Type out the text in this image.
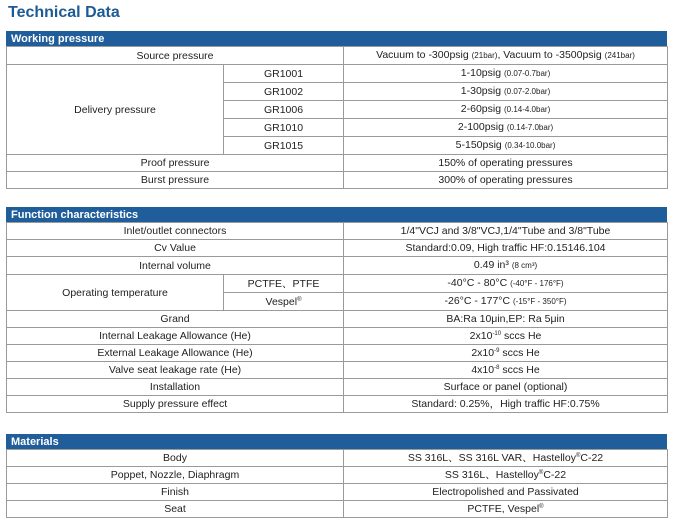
Technical Data
Working pressure
Source pressure		Vacuum to -300psig (21bar), Vacuum to -3500psig (241bar)
Delivery pressure	GR1001	1-10psig (0.07-0.7bar)
	GR1002	1-30psig (0.07-2.0bar)
	GR1006	2-60psig (0.14-4.0bar)
	GR1010	2-100psig (0.14-7.0bar)
	GR1015	5-150psig (0.34-10.0bar)
Proof pressure		150% of operating pressures
Burst pressure		300% of operating pressures
Function characteristics
Inlet/outlet connectors		1/4"VCJ and 3/8"VCJ,1/4"Tube and 3/8"Tube
Cv Value		Standard:0.09, High traffic HF:0.15146.104
Internal volume		0.49 in³ (8 cm³)
Operating temperature	PCTFE、PTFE	-40°C - 80°C (-40°F - 176°F)
	Vespel®	-26°C - 177°C (-15°F - 350°F)
Grand		BA:Ra 10μin,EP: Ra 5μin
Internal Leakage Allowance (He)		$2x10^{-10}$ sccs He
External Leakage Allowance (He)		$2x10^{-9}$ sccs He
Valve seat leakage rate (He)		$4x10^{-8}$ sccs He
Installation		Surface or panel (optional)
Supply pressure effect		Standard: 0.25%，High traffic HF:0.75%
Materials
Body	SS 316L、SS 316L VAR、Hastelloy®C-22
Poppet, Nozzle, Diaphragm	SS 316L、Hastelloy®C-22
Finish	Electropolished and Passivated
Seat	PCTFE, Vespel®
